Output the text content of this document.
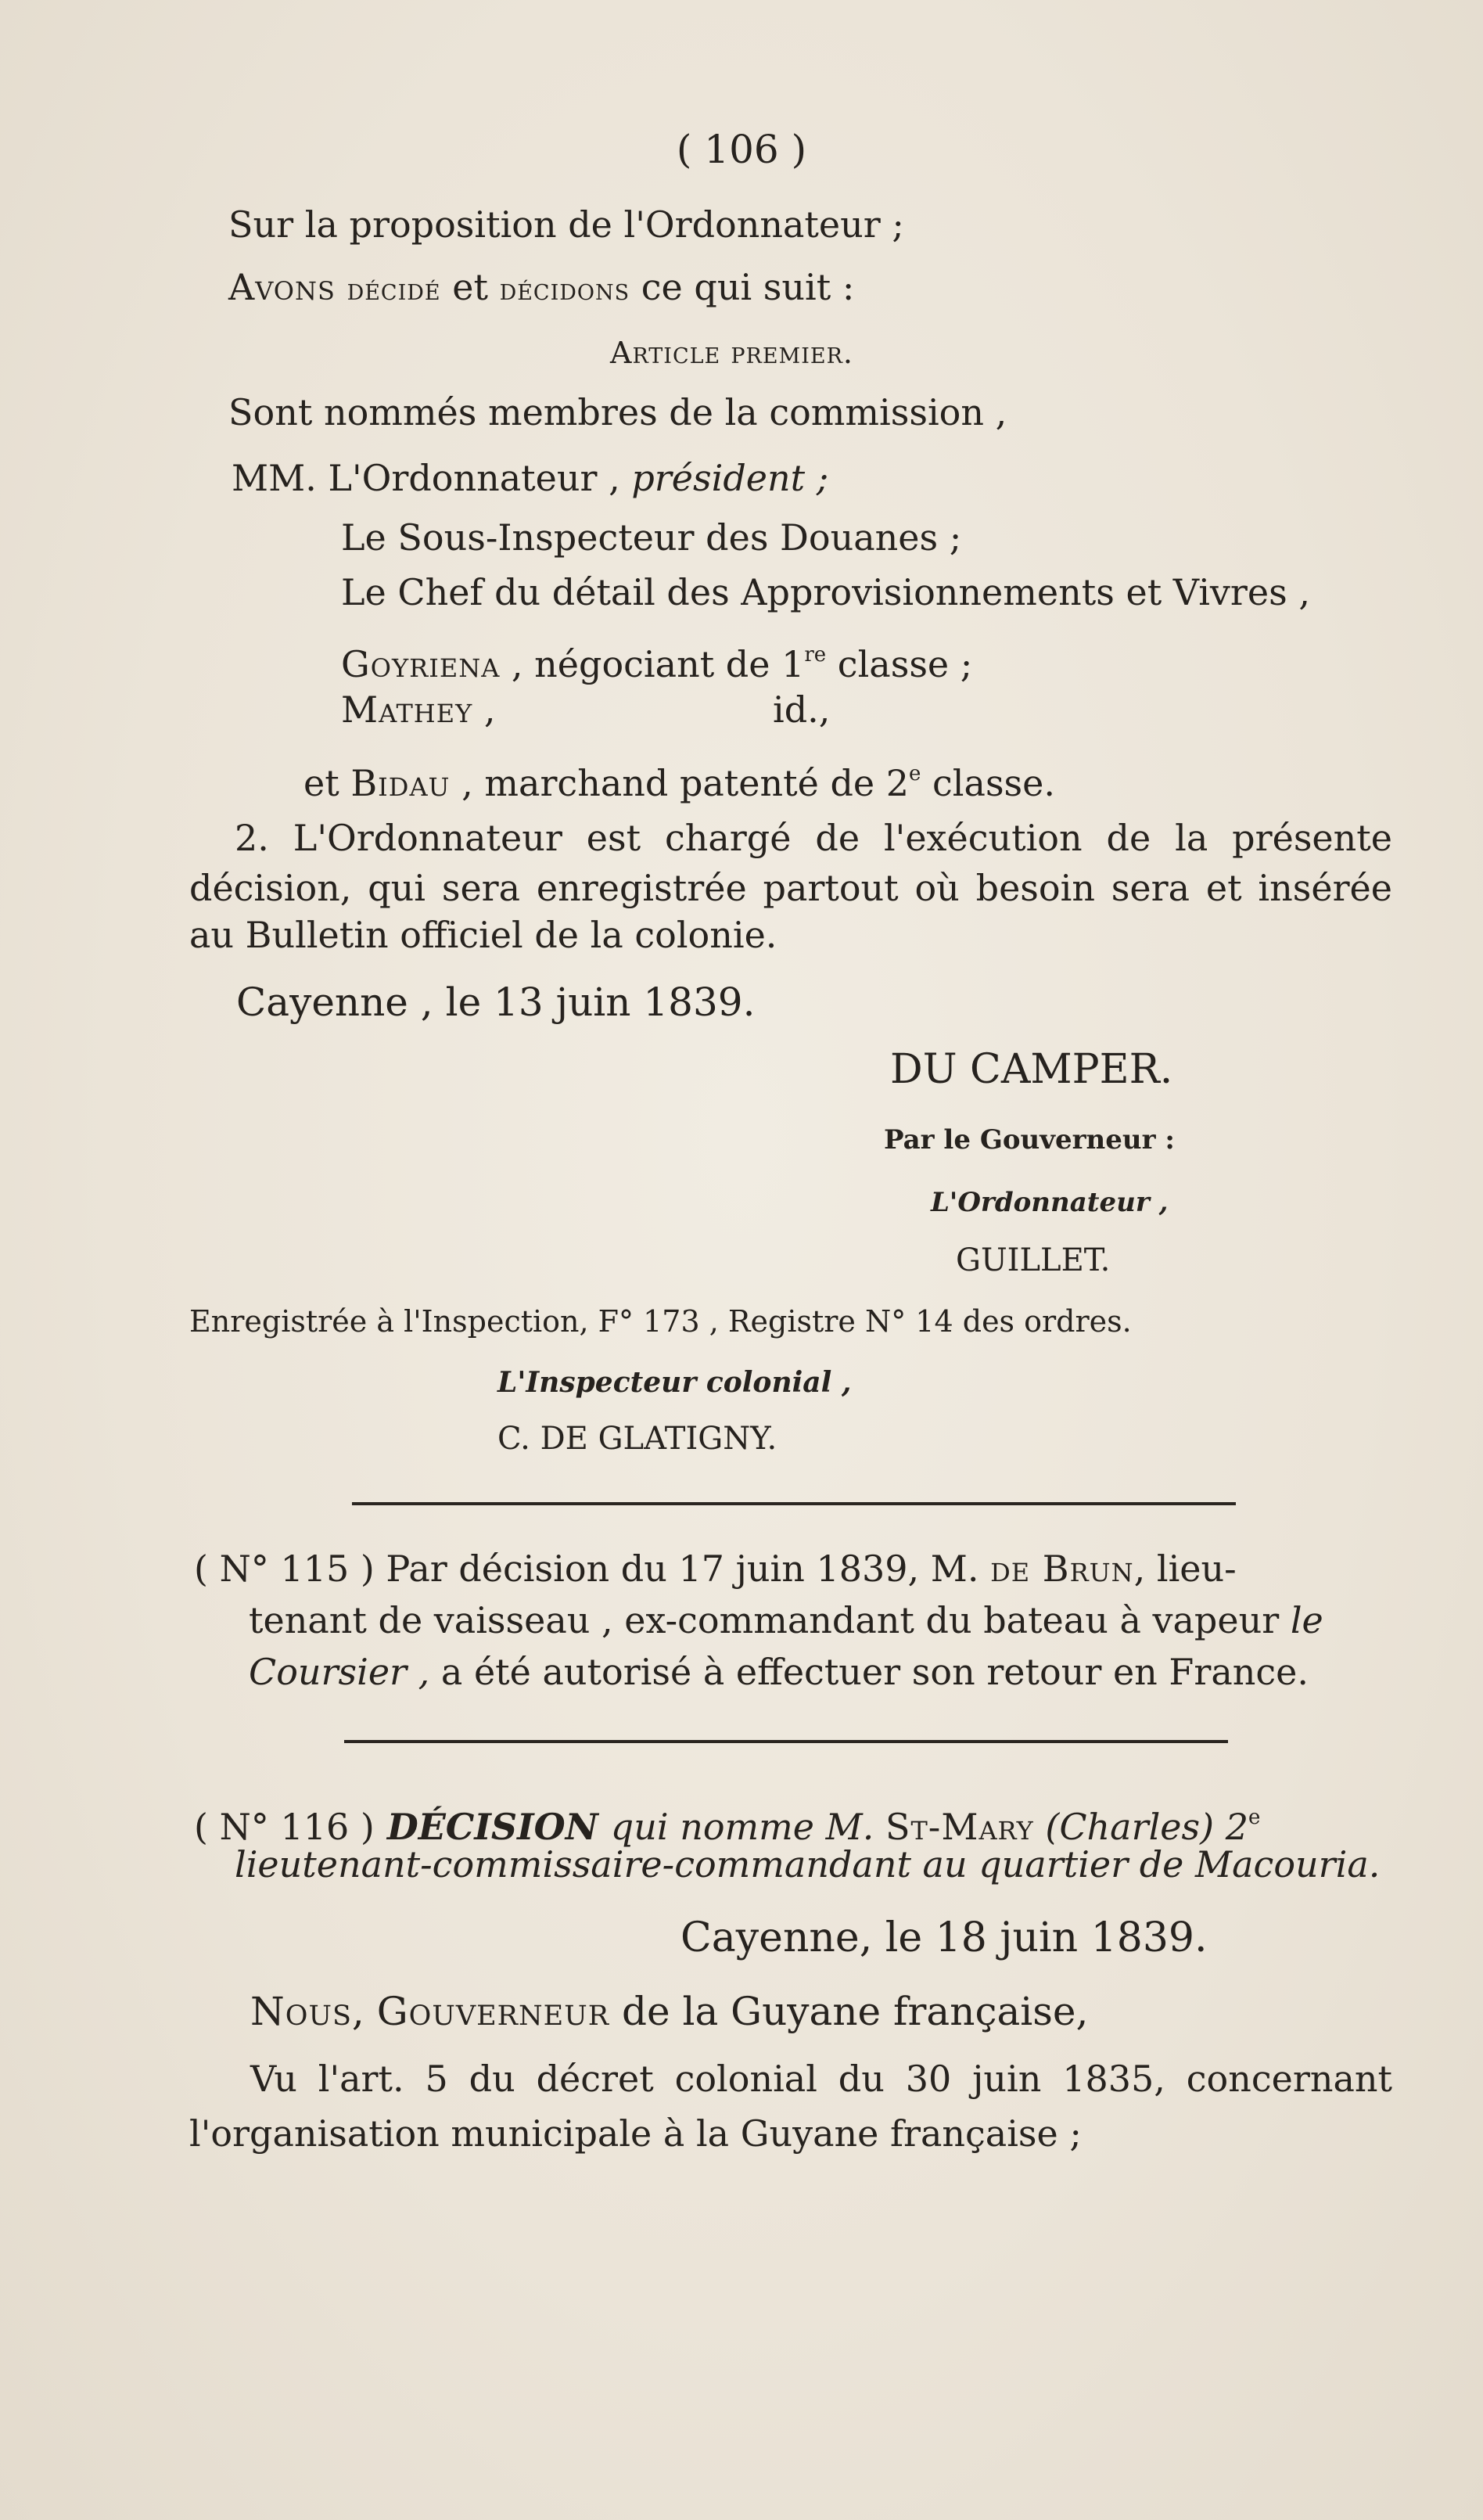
( 106 )
Sur la proposition de l'Ordonnateur ;
Avons décidé et décidons ce qui suit :
Article premier.
Sont nommés membres de la commission ,
MM. L'Ordonnateur , président ;
Le Sous-Inspecteur des Douanes ;
Le Chef du détail des Approvisionnements et Vivres ,
Goyriena , négociant de 1re classe ;
Mathey ,	id.,
et Bidau , marchand patenté de 2e classe.
2. L'Ordonnateur est chargé de l'exécution de la présente
décision, qui sera enregistrée partout où besoin sera et insérée
au Bulletin officiel de la colonie.
Cayenne , le 13 juin 1839.
DU CAMPER.
Par le Gouverneur :
L'Ordonnateur ,
GUILLET.
Enregistrée à l'Inspection, F° 173 , Registre N° 14 des ordres.
L'Inspecteur colonial ,
C. DE GLATIGNY.
( N° 115 ) Par décision du 17 juin 1839, M. de Brun, lieu-
tenant de vaisseau , ex-commandant du bateau à vapeur le
Coursier , a été autorisé à effectuer son retour en France.
( N° 116 ) DÉCISION qui nomme M. St-Mary (Charles) 2e
lieutenant-commissaire-commandant au quartier de Macouria.
Cayenne, le 18 juin 1839.
Nous, Gouverneur de la Guyane française,
Vu l'art. 5 du décret colonial du 30 juin 1835, concernant
l'organisation municipale à la Guyane française ;
